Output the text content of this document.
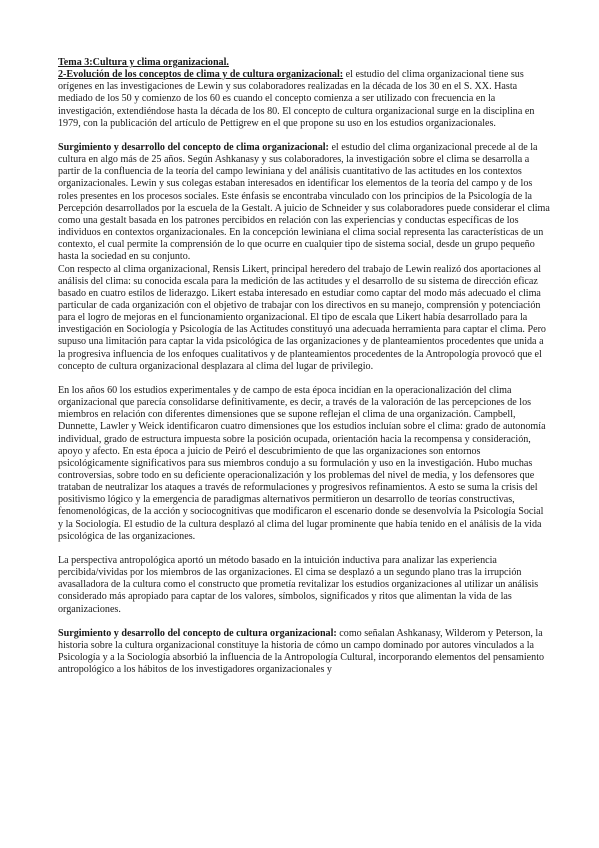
Tema 3:Cultura y clima organizacional.

2-Evolución de los conceptos de clima y de cultura organizacional: el estudio del clima organizacional tiene sus orígenes en las investigaciones de Lewin y sus colaboradores realizadas en la década de los 30 en el S. XX. Hasta mediado de los 50 y comienzo de los 60 es cuando el concepto comienza a ser utilizado con frecuencia en la investigación, extendiéndose hasta la década de los 80. El concepto de cultura organizacional surge en la disciplina en 1979, con la publicación del artículo de Pettigrew en el que propone su uso en los estudios organizacionales.

Surgimiento y desarrollo del concepto de clima organizacional: el estudio del clima organizacional precede al de la cultura en algo más de 25 años. Según Ashkanasy y sus colaboradores, la investigación sobre el clima se desarrolla a partir de la confluencia de la teoría del campo lewiniana y del análisis cuantitativo de las actitudes en los contextos organizacionales. Lewin y sus colegas estaban interesados en identificar los elementos de la teoría del campo y de los roles presentes en los procesos sociales. Este énfasis se encontraba vinculado con los principios de la Psicología de la Percepción desarrollados por la escuela de la Gestalt. A juicio de Schneider y sus colaboradores puede considerar el clima como una gestalt basada en los patrones percibidos en relación con las experiencias y conductas específicas de los individuos en contextos organizacionales. En la concepción lewiniana el clima social representa las características de un contexto, el cual permite la comprensión de lo que ocurre en cualquier tipo de sistema social, desde un grupo pequeño hasta la sociedad en su conjunto.

Con respecto al clima organizacional, Rensis Likert, principal heredero del trabajo de Lewin realizó dos aportaciones al análisis del clima: su conocida escala para la medición de las actitudes y el desarrollo de su sistema de dirección eficaz basado en cuatro estilos de liderazgo. Likert estaba interesado en estudiar como captar del modo más adecuado el clima particular de cada organización con el objetivo de trabajar con los directivos en su manejo, comprensión y potenciación para el logro de mejoras en el funcionamiento organizacional. El tipo de escala que Likert había desarrollado para la investigación en Sociología y Psicología de las Actitudes constituyó una adecuada herramienta para captar el clima. Pero supuso una limitación para captar la vida psicológica de las organizaciones y de planteamientos procedentes que unida a la progresiva influencia de los enfoques cualitativos y de planteamientos procedentes de la Antropología provocó que el concepto de cultura organizacional desplazara al clima del lugar de privilegio.

En los años 60 los estudios experimentales y de campo de esta época incidían en la operacionalización del clima organizacional que parecía consolidarse definitivamente, es decir, a través de la valoración de las percepciones de los miembros en relación con diferentes dimensiones que se supone reflejan el clima de una organización. Campbell, Dunnette, Lawler y Weick identificaron cuatro dimensiones que los estudios incluían sobre el clima: grado de autonomía individual, grado de estructura impuesta sobre la posición ocupada, orientación hacia la recompensa y consideración, apoyo y afecto. En esta época a juicio de Peiró el descubrimiento de que las organizaciones son entornos psicológicamente significativos para sus miembros condujo a su formulación y uso en la investigación. Hubo muchas controversias, sobre todo en su deficiente operacionalización y los problemas del nivel de media, y los defensores que trataban de neutralizar los ataques a través de reformulaciones y progresivos refinamientos. A esto se suma la crisis del positivismo lógico y la emergencia de paradigmas alternativos permitieron un desarrollo de teorías constructivas, fenomenológicas, de la acción y sociocognitivas que modificaron el escenario donde se desenvolvía la Psicología Social y la Sociología. El estudio de la cultura desplazó al clima del lugar prominente que había tenido en el análisis de la vida psicológica de las organizaciones.

La perspectiva antropológica aportó un método basado en la intuición inductiva para analizar las experiencia percibida/vividas por los miembros de las organizaciones. El cima se desplazó a un segundo plano tras la irrupción avasalladora de la cultura como el constructo que prometía revitalizar los estudios organizaciones al utilizar un análisis considerado más apropiado para captar de los valores, símbolos, significados y ritos que alimentan la vida de las organizaciones.

Surgimiento y desarrollo del concepto de cultura organizacional: como señalan Ashkanasy, Wilderom y Peterson, la historia sobre la cultura organizacional constituye la historia de cómo un campo dominado por autores vinculados a la Psicología y a la Sociología absorbió la influencia de la Antropología Cultural, incorporando elementos del pensamiento antropológico a los hábitos de los investigadores organizacionales y
